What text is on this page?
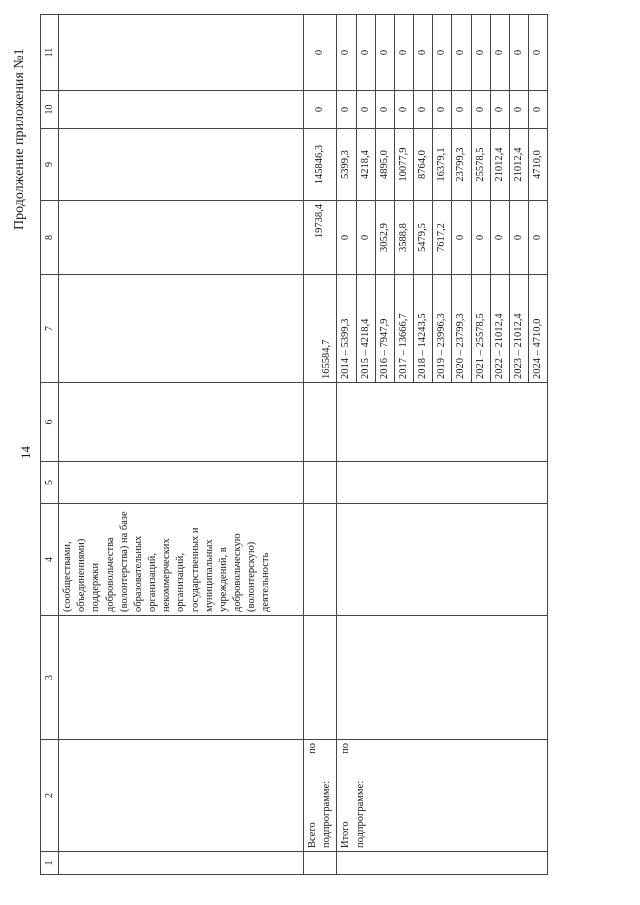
14
Продолжение приложения №1
1	2	3	4	5	6	7	8	9	10	11
			(сообществами, объединениями) поддержки добровольчества (волонтерства) на базе образовательных организаций, некоммерческих организаций, государственных и муниципальных учреждений, в добровольческую (волонтерскую) деятельность							

	Всего
по
подпрограмме:					165584,7	19738,4	145846,3	0	0

	Итого
по
подпрограмме:					2014 – 5399,3	0	5399,3	0	0
						2015 – 4218,4	0	4218,4	0	0
						2016 – 7947,9	3052,9	4895,0	0	0
						2017 – 13666,7	3588,8	10077,9	0	0
						2018 – 14243,5	5479,5	8764,0	0	0
						2019 – 23996,3	7617,2	16379,1	0	0
						2020 – 23799,3	0	23799,3	0	0
						2021 – 25578,5	0	25578,5	0	0
						2022 – 21012,4	0	21012,4	0	0
						2023 – 21012,4	0	21012,4	0	0
						2024 – 4710,0	0	4710,0	0	0
